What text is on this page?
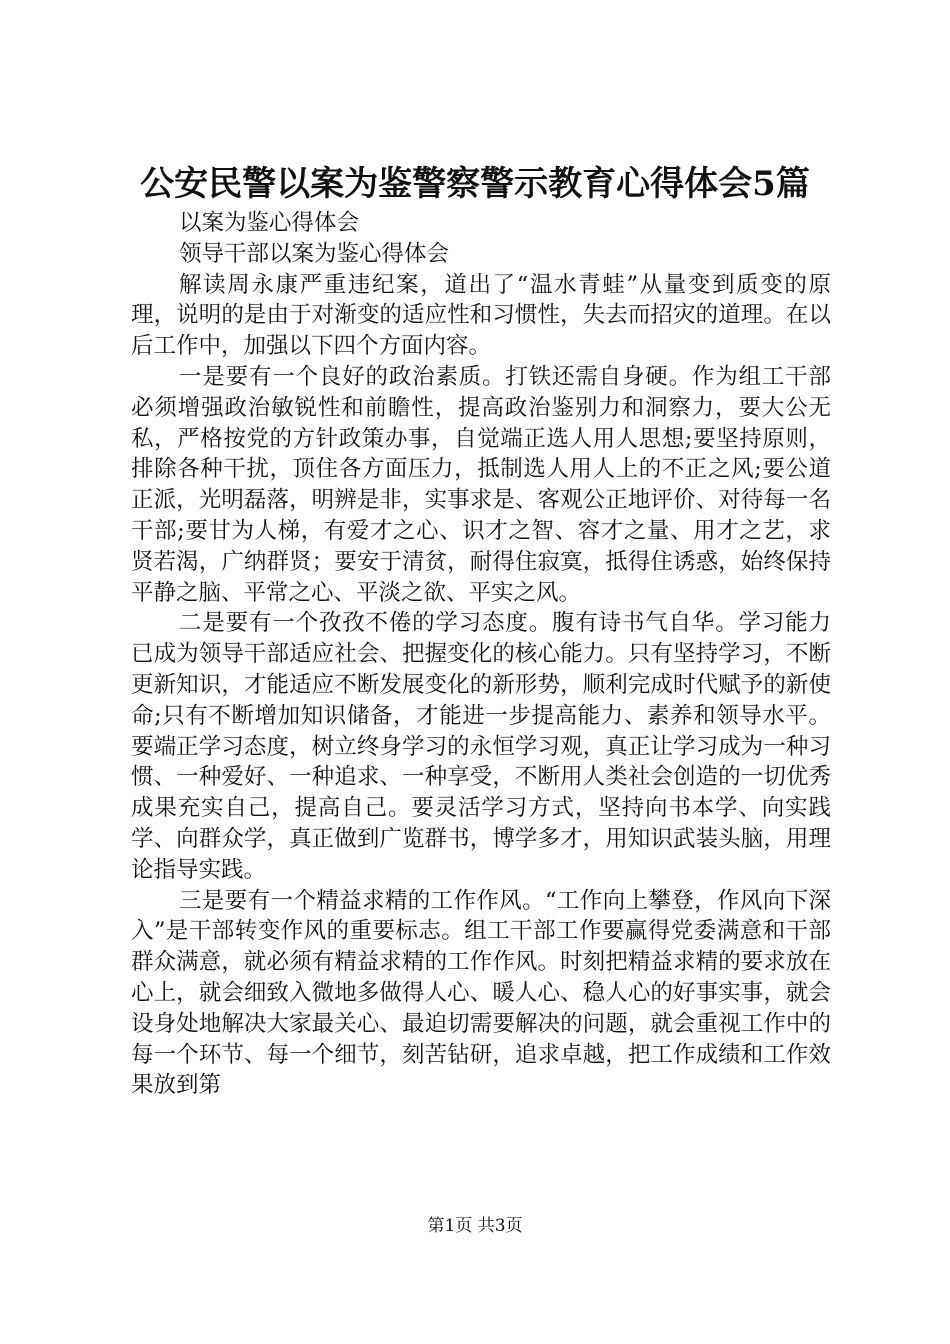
公安民警以案为鉴警察警示教育心得体会5篇

以案为鉴心得体会

领导干部以案为鉴心得体会

解读周永康严重违纪案，道出了“温水青蛙”从量变到质变的原理，说明的是由于对渐变的适应性和习惯性，失去而招灾的道理。在以后工作中，加强以下四个方面内容。

一是要有一个良好的政治素质。打铁还需自身硬。作为组工干部必须增强政治敏锐性和前瞻性，提高政治鉴别力和洞察力，要大公无私，严格按党的方针政策办事，自觉端正选人用人思想;要坚持原则，排除各种干扰，顶住各方面压力，抵制选人用人上的不正之风;要公道正派，光明磊落，明辨是非，实事求是、客观公正地评价、对待每一名干部;要甘为人梯，有爱才之心、识才之智、容才之量、用才之艺，求贤若渴，广纳群贤；要安于清贫，耐得住寂寞，抵得住诱惑，始终保持平静之脑、平常之心、平淡之欲、平实之风。

二是要有一个孜孜不倦的学习态度。腹有诗书气自华。学习能力已成为领导干部适应社会、把握变化的核心能力。只有坚持学习，不断更新知识，才能适应不断发展变化的新形势，顺利完成时代赋予的新使命;只有不断增加知识储备，才能进一步提高能力、素养和领导水平。要端正学习态度，树立终身学习的永恒学习观，真正让学习成为一种习惯、一种爱好、一种追求、一种享受，不断用人类社会创造的一切优秀成果充实自己，提高自己。要灵活学习方式，坚持向书本学、向实践学、向群众学，真正做到广览群书，博学多才，用知识武装头脑，用理论指导实践。

三是要有一个精益求精的工作作风。“工作向上攀登，作风向下深入”是干部转变作风的重要标志。组工干部工作要赢得党委满意和干部群众满意，就必须有精益求精的工作作风。时刻把精益求精的要求放在心上，就会细致入微地多做得人心、暖人心、稳人心的好事实事，就会设身处地解决大家最关心、最迫切需要解决的问题，就会重视工作中的每一个环节、每一个细节，刻苦钻研，追求卓越，把工作成绩和工作效果放到第

第1页 共3页
